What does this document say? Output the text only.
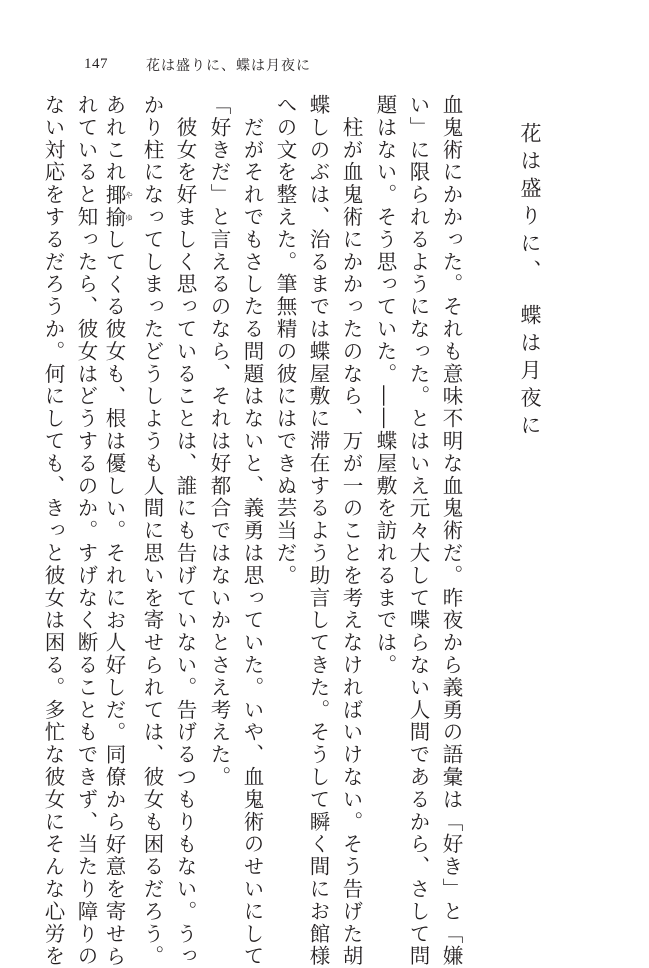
147	花は盛りに、蝶は月夜に
花は盛りに、　蝶は月夜に
血鬼術にかかった。それも意味不明な血鬼術だ。昨夜から義勇の語彙は「好き」と「嫌
い」に限られるようになった。とはいえ元々大して喋らない人間であるから、さして問
題はない。そう思っていた。――蝶屋敷を訪れるまでは。
　柱が血鬼術にかかったのなら、万が一のことを考えなければいけない。そう告げた胡
蝶しのぶは、治るまでは蝶屋敷に滞在するよう助言してきた。そうして瞬く間にお館様
への文を整えた。筆無精の彼にはできぬ芸当だ。
　だがそれでもさしたる問題はないと、義勇は思っていた。いや、血鬼術のせいにして
「好きだ」と言えるのなら、それは好都合ではないかとさえ考えた。
　彼女を好ましく思っていることは、誰にも告げていない。告げるつもりもない。うっ
かり柱になってしまったどうしようも人間に思いを寄せられては、彼女も困るだろう。
あれこれ揶揄やゆしてくる彼女も、根は優しい。それにお人好しだ。同僚から好意を寄せら
れていると知ったら、彼女はどうするのか。すげなく断ることもできず、当たり障りの
ない対応をするだろうか。何にしても、きっと彼女は困る。多忙な彼女にそんな心労を
